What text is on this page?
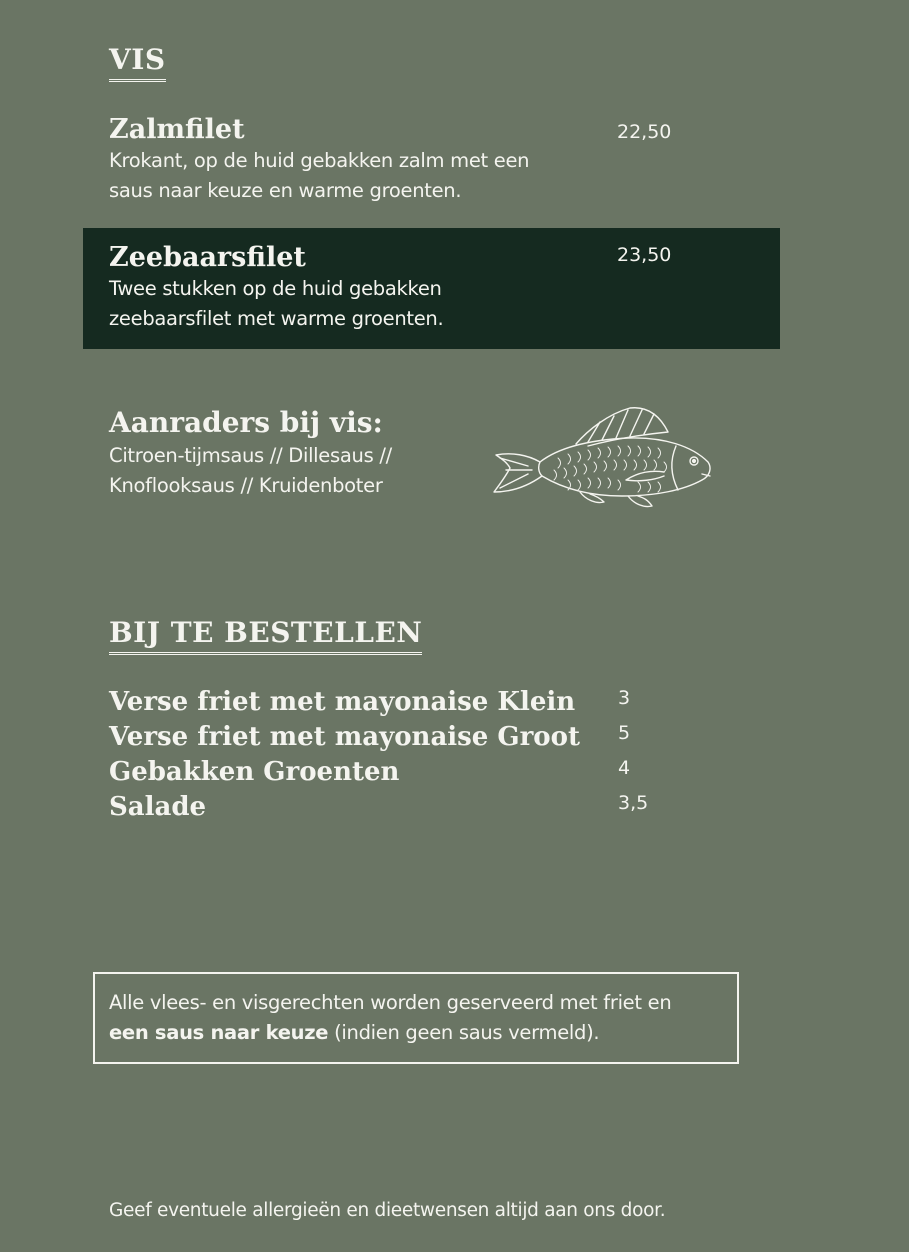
VIS

Zalmfilet

Krokant, op de huid gebakken zalm met een

saus naar keuze en warme groenten.

22,50

Zeebaarsfilet

Twee stukken op de huid gebakken

zeebaarsfilet met warme groenten.

23,50

Aanraders bij vis:

Citroen-tijmsaus // Dillesaus //

Knoflooksaus // Kruidenboter

BIJ TE BESTELLEN
Verse friet met mayonaise Klein 3
Verse friet met mayonaise Groot 5
Gebakken Groenten	4
Salade	3,5
Alle vlees- en visgerechten worden geserveerd met friet en
een saus naar keuze (indien geen saus vermeld).
Geef eventuele allergieën en dieetwensen altijd aan ons door.
